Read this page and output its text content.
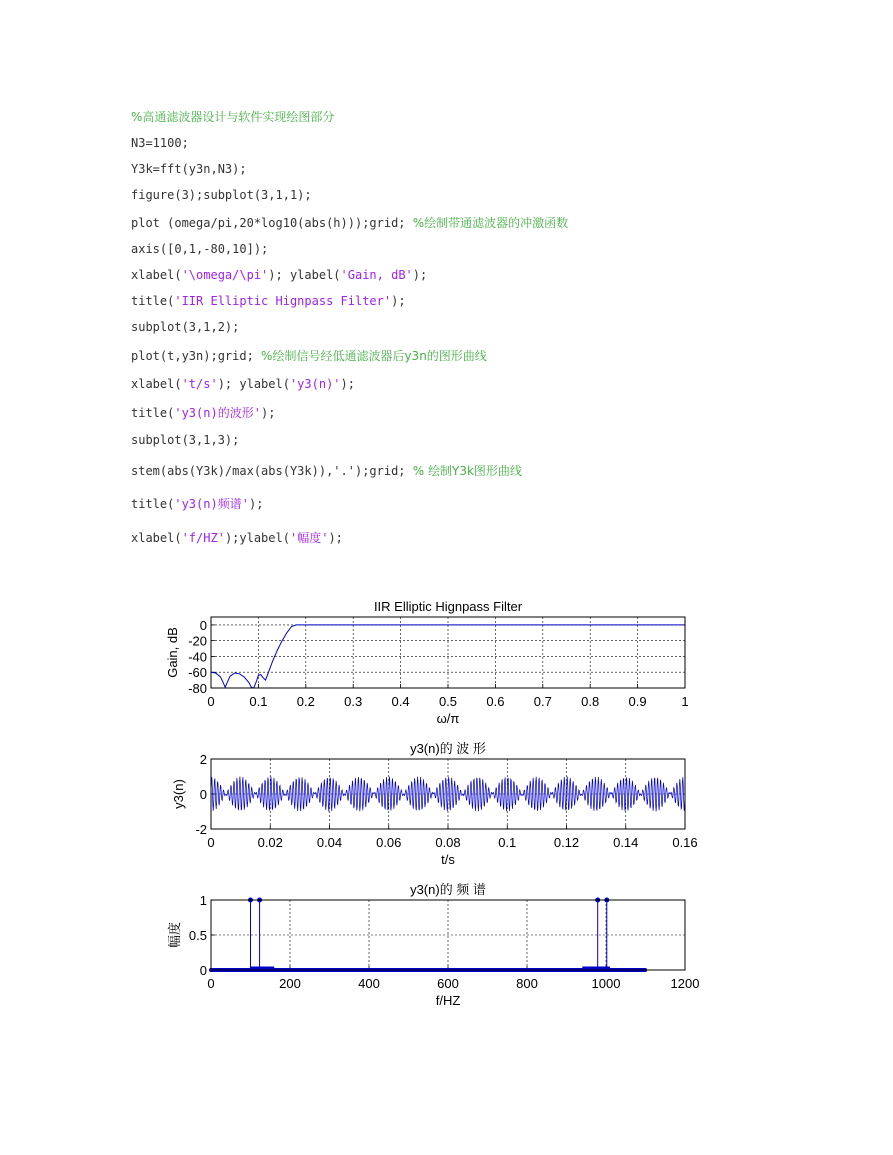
%高通滤波器设计与软件实现绘图部分
N3=1100;
Y3k=fft(y3n,N3);
figure(3);subplot(3,1,1);
plot (omega/pi,20*log10(abs(h)));grid; %绘制带通滤波器的冲激函数
axis([0,1,-80,10]);
xlabel('\omega/\pi'); ylabel('Gain, dB');
title('IIR Elliptic Hignpass Filter');
subplot(3,1,2);
plot(t,y3n);grid; %绘制信号经低通滤波器后y3n的图形曲线
xlabel('t/s'); ylabel('y3(n)');
title('y3(n)的波形');
subplot(3,1,3);
stem(abs(Y3k)/max(abs(Y3k)),'.');grid; % 绘制Y3k图形曲线
title('y3(n)频谱');
xlabel('f/HZ');ylabel('幅度');
0	0.1 0.2 0.3 0.4 0.5 0.6 0.7 0.8 0.9	1
0
-20
-40
-60
-80
IIR Elliptic Hignpass Filter
ω/π
Gain, dB
0	0.02	0.04	0.06	0.08	0.1	0.12	0.14	0.16
2
0
-2
y3(n)的 波 形
t/s
y3(n)
0	200	400	600	800	1000	1200
1
0.5
0
y3(n)的 频 谱
f/HZ
幅度
